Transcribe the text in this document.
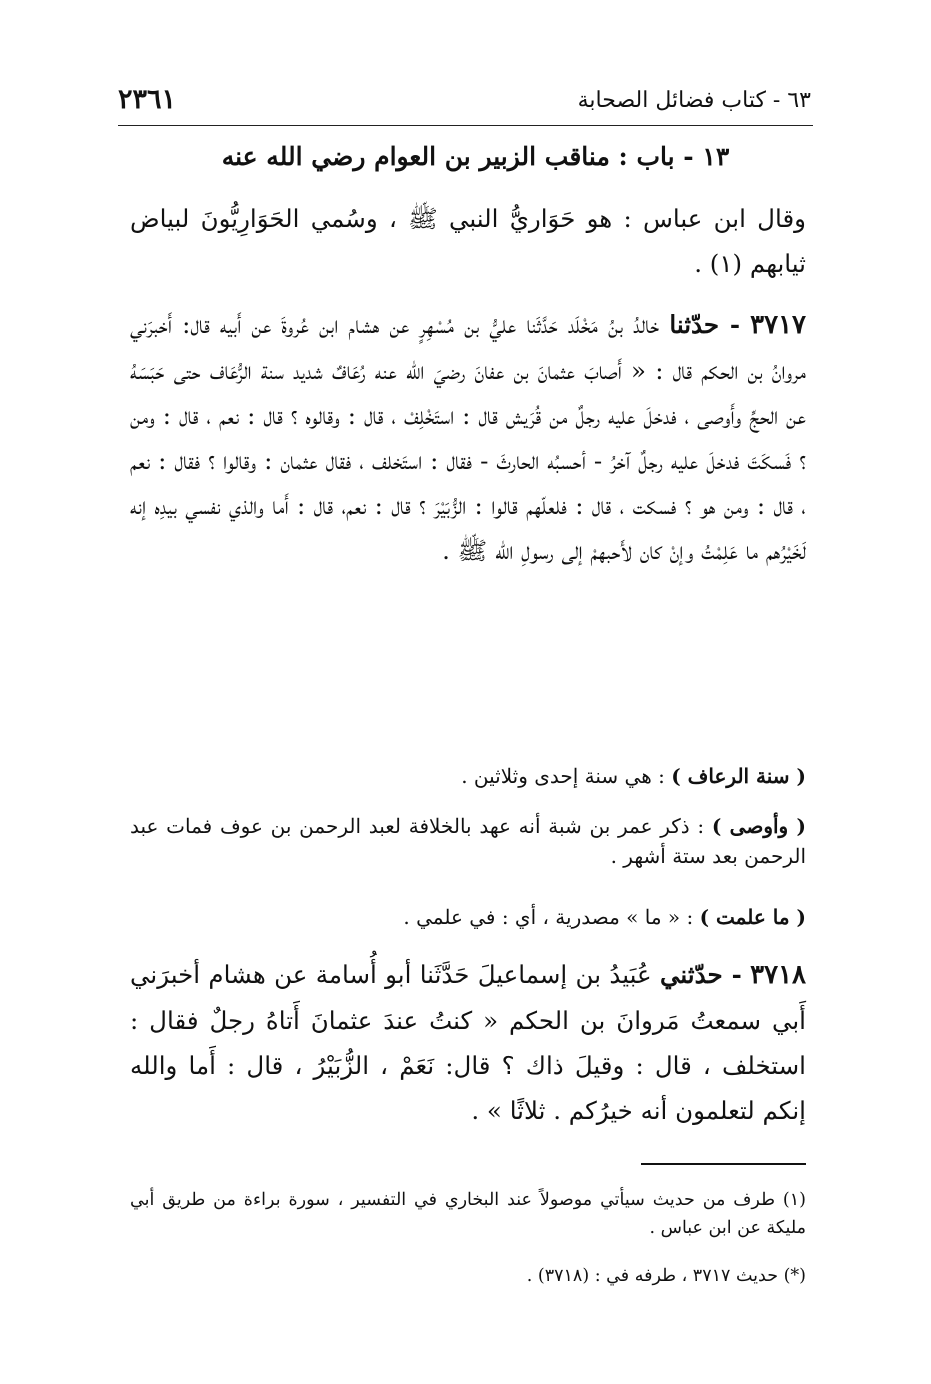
٢٣٦١	٦٣ - كتاب فضائل الصحابة
١٣ - باب : مناقب الزبير بن العوام رضي الله عنه
وقال ابن عباس : هو حَوَاريُّ النبي ﷺ ، وسُمي الحَوَارِيُّونَ لبياض ثيابهم (١) .
٣٧١٧ - حدّثنا خالدُ بنُ مَخْلَد حَدَّثَنا عليُّ بن مُسْهِرٍ عن هشام ابن عُروةَ عن أَبيه قال: أَخبرَني مروانُ بن الحكم قال : « أَصابَ عثمانَ بن عفانَ رضيَ الله عنه رُعَافٌ شديد سنة الرُّعَاف حتى حَبَسَهُ عن الحجِّ وأَوصى ، فدخلَ عليه رجلٌ من قُرَيش قال : استَخْلِفْ ، قال : وقالوه ؟ قال : نعم ، قال : ومن ؟ فَسكَتَ فدخلَ عليه رجلٌ آخرُ - أحسبُه الحارثَ - فقال : استَخلف ، فقال عثمان : وقالوا ؟ فقال : نعم ، قال : ومن هو ؟ فسكت ، قال : فلعلّهم قالوا : الزُّبَيْرَ ؟ قال : نعم، قال : أَما والذي نفسي بيدِه إنه لَخَيْرُهم ما عَلِمْتُ وإنْ كان لأَحبهمْ إلى رسولِ الله ﷺ .
( سنة الرعاف ) : هي سنة إحدى وثلاثين .
( وأوصى ) : ذكر عمر بن شبة أنه عهد بالخلافة لعبد الرحمن بن عوف فمات عبد الرحمن بعد ستة أشهر .
( ما علمت ) : « ما » مصدرية ، أي : في علمي .
٣٧١٨ - حدّثني عُبَيدُ بن إسماعيلَ حَدَّثَنا أبو أُسامة عن هشام أخبرَني أَبي سمعتُ مَروانَ بن الحكم « كنتُ عندَ عثمانَ أَتاهُ رجلٌ فقال : استخلف ، قال : وقيلَ ذاك ؟ قال: نَعَمْ ، الزُّبَيْرُ ، قال : أَما والله إنكم لتعلمون أنه خيرُكم . ثلاثًا » .
(١) طرف من حديث سيأتي موصولاً عند البخاري في التفسير ، سورة براءة من طريق أبي مليكة عن ابن عباس .
(*) حديث ٣٧١٧ ، طرفه في : (٣٧١٨) .
